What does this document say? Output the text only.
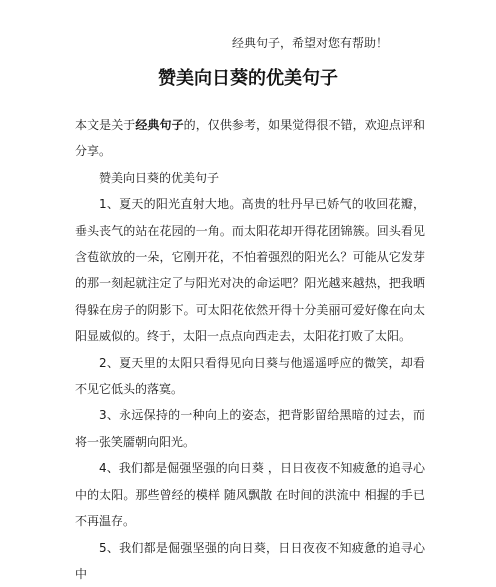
经典句子，希望对您有帮助！
赞美向日葵的优美句子

本文是关于经典句子的，仅供参考，如果觉得很不错，欢迎点评和分享。

赞美向日葵的优美句子

1、夏天的阳光直射大地。高贵的牡丹早已娇气的收回花瓣，垂头丧气的站在花园的一角。而太阳花却开得花团锦簇。回头看见含苞欲放的一朵，它刚开花，不怕着强烈的阳光么？可能从它发芽的那一刻起就注定了与阳光对决的命运吧？阳光越来越热，把我晒得躲在房子的阴影下。可太阳花依然开得十分美丽可爱好像在向太阳显威似的。终于，太阳一点点向西走去，太阳花打败了太阳。

2、夏天里的太阳只看得见向日葵与他遥遥呼应的微笑，却看不见它低头的落寞。

3、永远保持的一种向上的姿态，把背影留给黑暗的过去，而将一张笑靥朝向阳光。

4、我们都是倔强坚强的向日葵 ，日日夜夜不知疲惫的追寻心中的太阳。那些曾经的模样 随风飘散 在时间的洪流中 相握的手已不再温存。

5、我们都是倔强坚强的向日葵，日日夜夜不知疲惫的追寻心中
